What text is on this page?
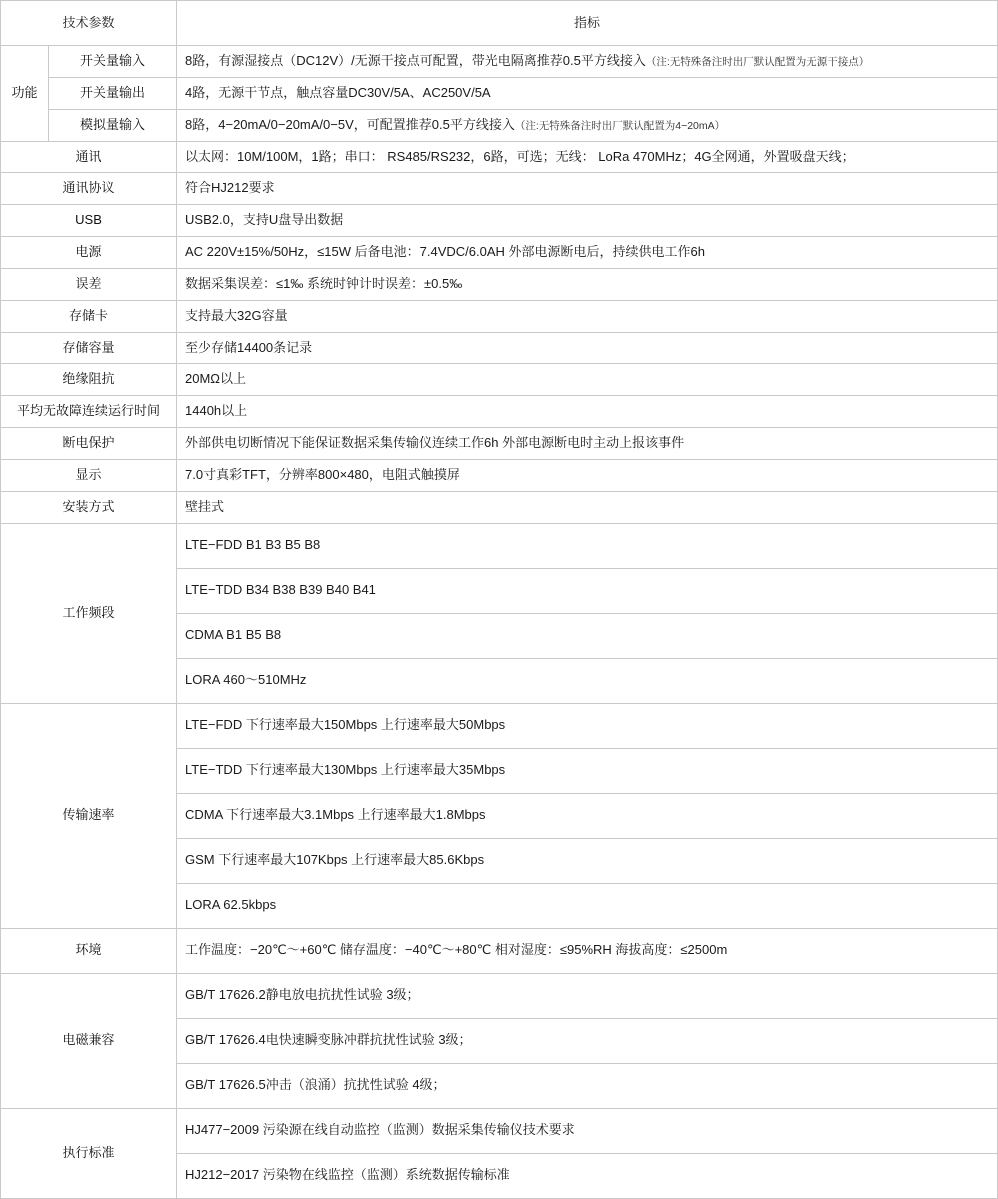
技术参数		指标
功能	开关量输入	8路，有源湿接点（DC12V）/无源干接点可配置，带光电隔离推荐0.5平方线接入（注:无特殊备注时出厂默认配置为无源干接点）
	开关量输出	4路，无源干节点，触点容量DC30V/5A、AC250V/5A
	模拟量输入	8路，4−20mA/0−20mA/0−5V，可配置推荐0.5平方线接入（注:无特殊备注时出厂默认配置为4−20mA）
通讯		以太网：10M/100M，1路；串口： RS485/RS232，6路，可选；无线： LoRa 470MHz；4G全网通，外置吸盘天线；
通讯协议		符合HJ212要求
USB		USB2.0，支持U盘导出数据
电源		AC 220V±15%/50Hz，≤15W 后备电池：7.4VDC/6.0AH 外部电源断电后，持续供电工作6h
误差		数据采集误差：≤1‰ 系统时钟计时误差：±0.5‰
存储卡		支持最大32G容量
存储容量		至少存储14400条记录
绝缘阻抗		20MΩ以上
平均无故障连续运行时间		1440h以上
断电保护		外部供电切断情况下能保证数据采集传输仪连续工作6h 外部电源断电时主动上报该事件
显示		7.0寸真彩TFT，分辨率800×480，电阻式触摸屏
安装方式		壁挂式
工作频段		LTE−FDD B1 B3 B5 B8
		LTE−TDD B34 B38 B39 B40 B41
		CDMA B1 B5 B8
		LORA 460～510MHz
传输速率		LTE−FDD 下行速率最大150Mbps 上行速率最大50Mbps
		LTE−TDD 下行速率最大130Mbps 上行速率最大35Mbps
		CDMA 下行速率最大3.1Mbps 上行速率最大1.8Mbps
		GSM 下行速率最大107Kbps 上行速率最大85.6Kbps
		LORA 62.5kbps
环境		工作温度：−20℃～+60℃ 储存温度：−40℃～+80℃ 相对湿度：≤95%RH 海拔高度：≤2500m
电磁兼容		GB/T 17626.2静电放电抗扰性试验 3级；
		GB/T 17626.4电快速瞬变脉冲群抗扰性试验 3级；
		GB/T 17626.5冲击（浪涌）抗扰性试验 4级；
执行标准		HJ477−2009 污染源在线自动监控（监测）数据采集传输仪技术要求
		HJ212−2017 污染物在线监控（监测）系统数据传输标准
